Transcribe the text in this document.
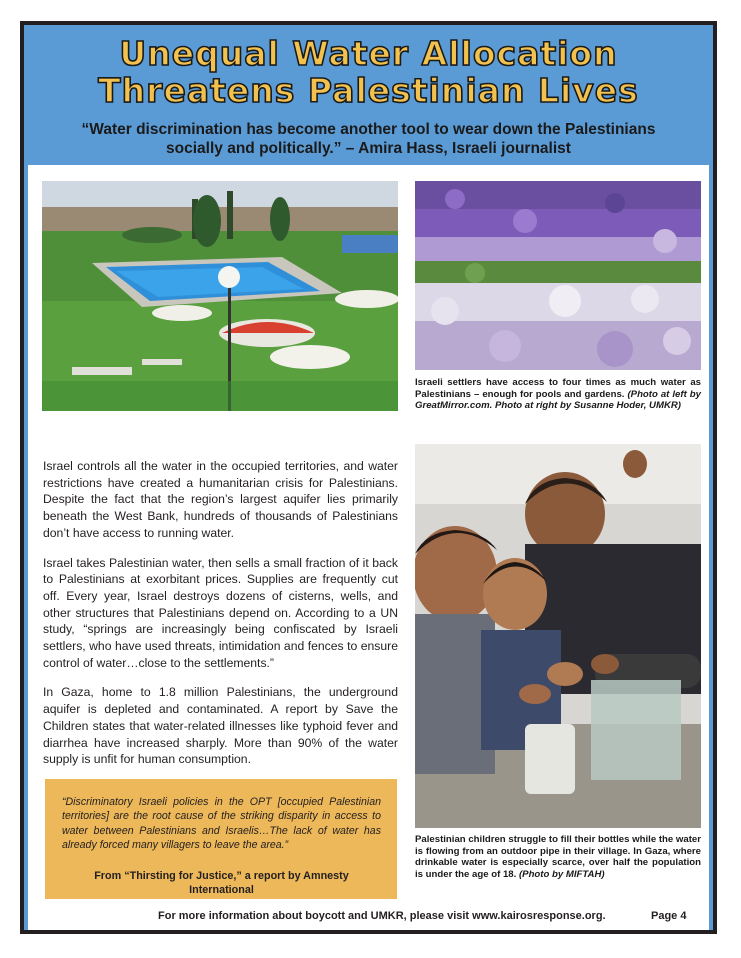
Unequal Water Allocation
Threatens Palestinian Lives
“Water discrimination has become another tool to wear down the Palestinians socially and politically.” – Amira Hass, Israeli journalist
Israeli settlers have access to four times as much water as Palestinians – enough for pools and gardens. (Photo at left by GreatMirror.com. Photo at right by Susanne Hoder, UMKR)

Israel controls all the water in the occupied territories, and water restrictions have created a humanitarian crisis for Palestinians. Despite the fact that the region’s largest aquifer lies primarily beneath the West Bank, hundreds of thousands of Palestinians don’t have access to running water.

Israel takes Palestinian water, then sells a small fraction of it back to Palestinians at exorbitant prices. Supplies are frequently cut off. Every year, Israel destroys dozens of cisterns, wells, and other structures that Palestinians depend on. According to a UN study, “springs are increasingly being confiscated by Israeli settlers, who have used threats, intimidation and fences to ensure control of water…close to the settlements.”

In Gaza, home to 1.8 million Palestinians, the underground aquifer is depleted and contaminated. A report by Save the Children states that water-related illnesses like typhoid fever and diarrhea have increased sharply. More than 90% of the water supply is unfit for human consumption.

Palestinian children struggle to fill their bottles while the water is flowing from an outdoor pipe in their village. In Gaza, where drinkable water is especially scarce, over half the population is under the age of 18. (Photo by MIFTAH)

“Discriminatory Israeli policies in the OPT [occupied Palestinian territories] are the root cause of the striking disparity in access to water between Palestinians and Israelis…The lack of water has already forced many villagers to leave the area.”

From “Thirsting for Justice,” a report by Amnesty International
For more information about boycott and UMKR, please visit www.kairosresponse.org.	Page 4
